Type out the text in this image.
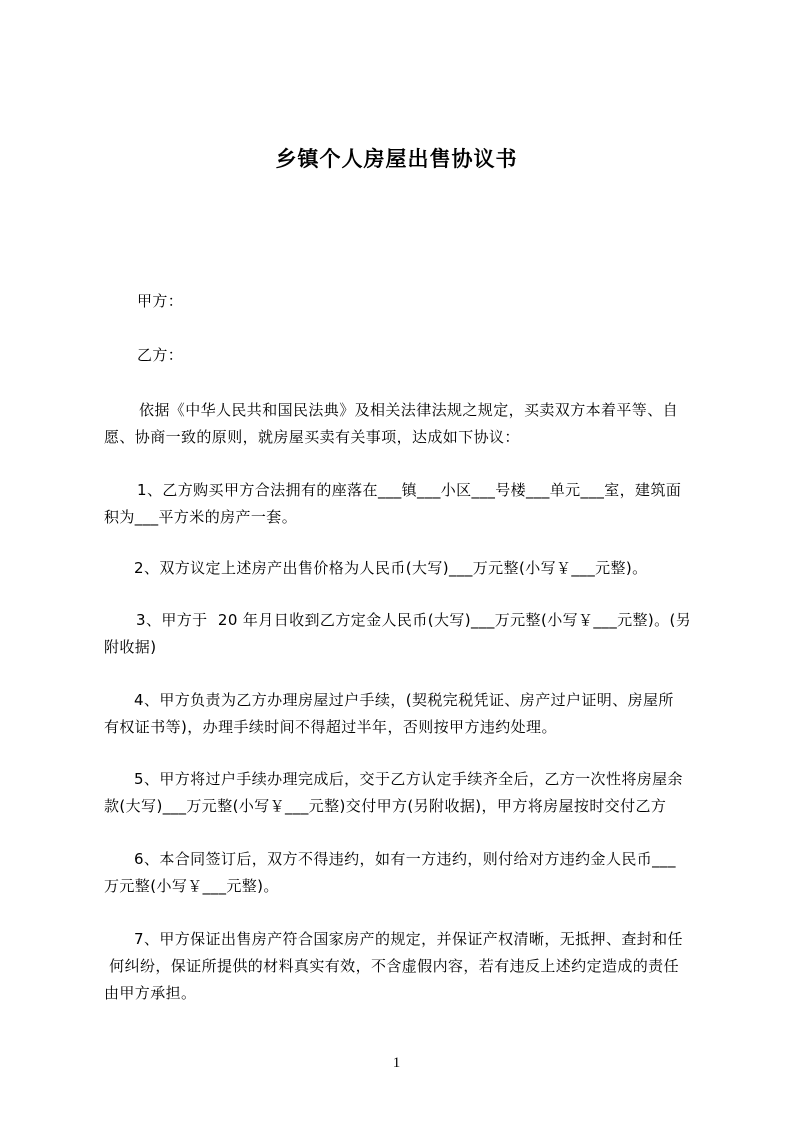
乡镇个人房屋出售协议书
甲方：
乙方：
依据《中华人民共和国民法典》及相关法律法规之规定，买卖双方本着平等、自
愿、协商一致的原则，就房屋买卖有关事项，达成如下协议：
1、乙方购买甲方合法拥有的座落在___镇___小区___号楼___单元___室，建筑面
积为___平方米的房产一套。
2、双方议定上述房产出售价格为人民币(大写)___万元整(小写￥___元整)。
3、甲方于  20 年月日收到乙方定金人民币(大写)___万元整(小写￥___元整)。(另
附收据)
4、甲方负责为乙方办理房屋过户手续，(契税完税凭证、房产过户证明、房屋所
有权证书等)，办理手续时间不得超过半年，否则按甲方违约处理。
5、甲方将过户手续办理完成后，交于乙方认定手续齐全后，乙方一次性将房屋余
款(大写)___万元整(小写￥___元整)交付甲方(另附收据)，甲方将房屋按时交付乙方
6、本合同签订后，双方不得违约，如有一方违约，则付给对方违约金人民币___
万元整(小写￥___元整)。
7、甲方保证出售房产符合国家房产的规定，并保证产权清晰，无抵押、查封和任
何纠纷，保证所提供的材料真实有效，不含虚假内容，若有违反上述约定造成的责任
由甲方承担。
1
